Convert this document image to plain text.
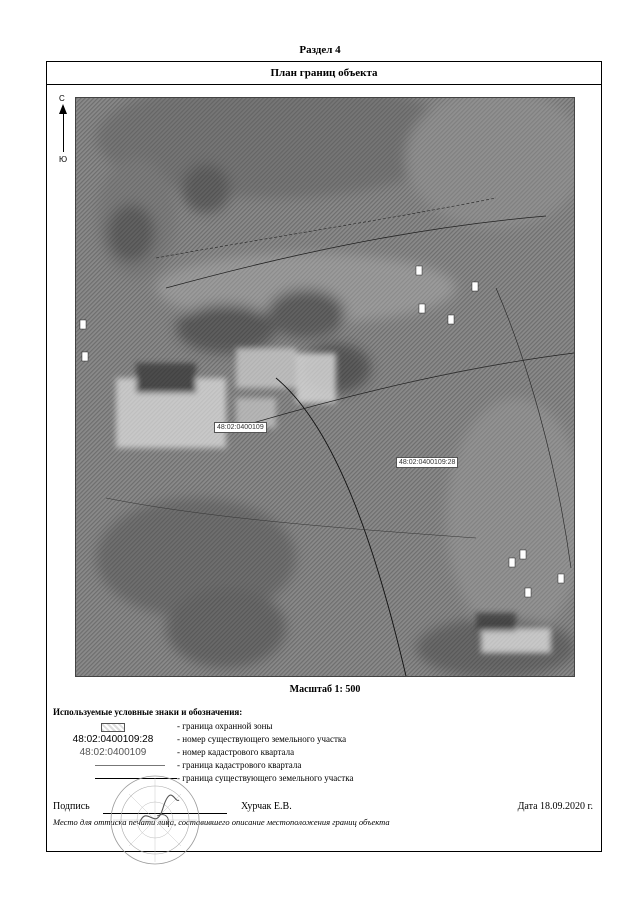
Раздел 4
План границ объекта
48:02:0400109
48:02:0400109:28
С
Ю
Масштаб 1: 500
Используемые условные знаки и обозначения:
- граница охранной зоны
48:02:0400109:28	- номер существующего земельного участка
48:02:0400109	- номер кадастрового квартала
- граница кадастрового квартала
- граница существующего земельного участка
Подпись	Хурчак Е.В.	Дата 18.09.2020 г.
Место для оттиска печати лица, составившего описание местоположения границ объекта
